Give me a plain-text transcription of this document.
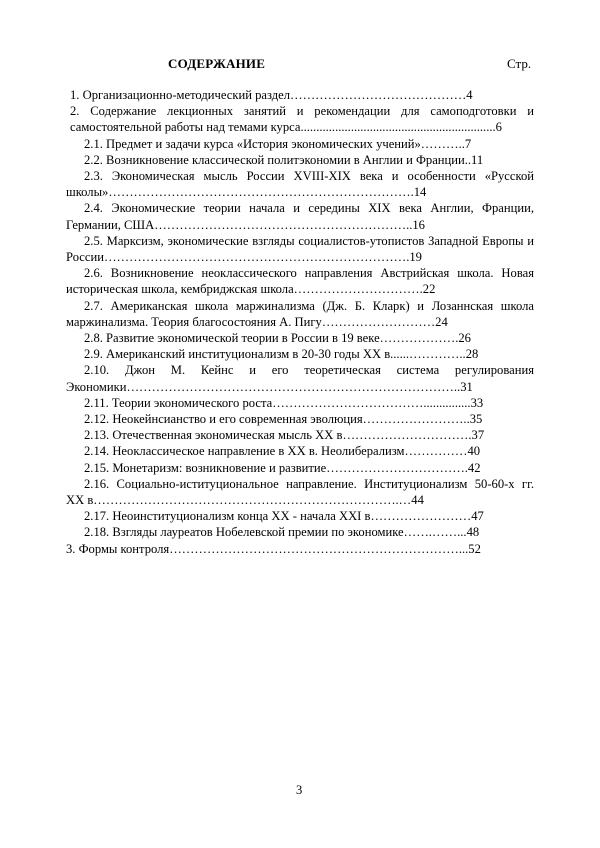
СОДЕРЖАНИЕ	Стр.
1. Организационно-методический раздел……………………………………4
2. Содержание лекционных занятий и рекомендации для самоподготовки и самостоятельной работы над темами курса..............................................................6
2.1. Предмет и задачи курса «История экономических учений»………..7
2.2. Возникновение классической политэкономии в Англии и Франции..11
2.3. Экономическая мысль России XVIII-XIX века и особенности «Русской школы»……………………………………………………………….14
2.4. Экономические теории начала и середины XIX века Англии, Франции, Германии, США……………………………………………………..16
2.5. Марксизм, экономические взгляды социалистов-утопистов Западной Европы и России……………………………………………………………….19
2.6. Возникновение неоклассического направления Австрийская школа. Новая историческая школа, кембриджская школа………………………….22
2.7. Американская школа маржинализма (Дж. Б. Кларк) и Лозаннская школа маржинализма. Теория благосостояния А. Пигу………………………24
2.8. Развитие экономической теории в России в 19 веке……………….26
2.9. Американский институционализм в 20-30 годы XX в......…………..28
2.10. Джон М. Кейнс и его теоретическая система регулирования Экономики……………………………………………………………………..31
2.11. Теории экономического роста………………………………...............33
2.12. Неокейнсианство и его современная эволюция……………………..35
2.13. Отечественная экономическая мысль XX в………………………….37
2.14. Неоклассическое направление в XX в. Неолиберализм……………40
2.15. Монетаризм: возникновение и развитие…………………………….42
2.16. Социально-иституционaльное направление. Институционализм 50-60-х гг. XX в……………………………………………………………….…44
2.17. Неоинституционализм конца XX - начала XXI в……………………47
2.18. Взгляды лауреатов Нобелевской премии по экономике…….……...48
3. Формы контроля……………………………………………………………...52
3
